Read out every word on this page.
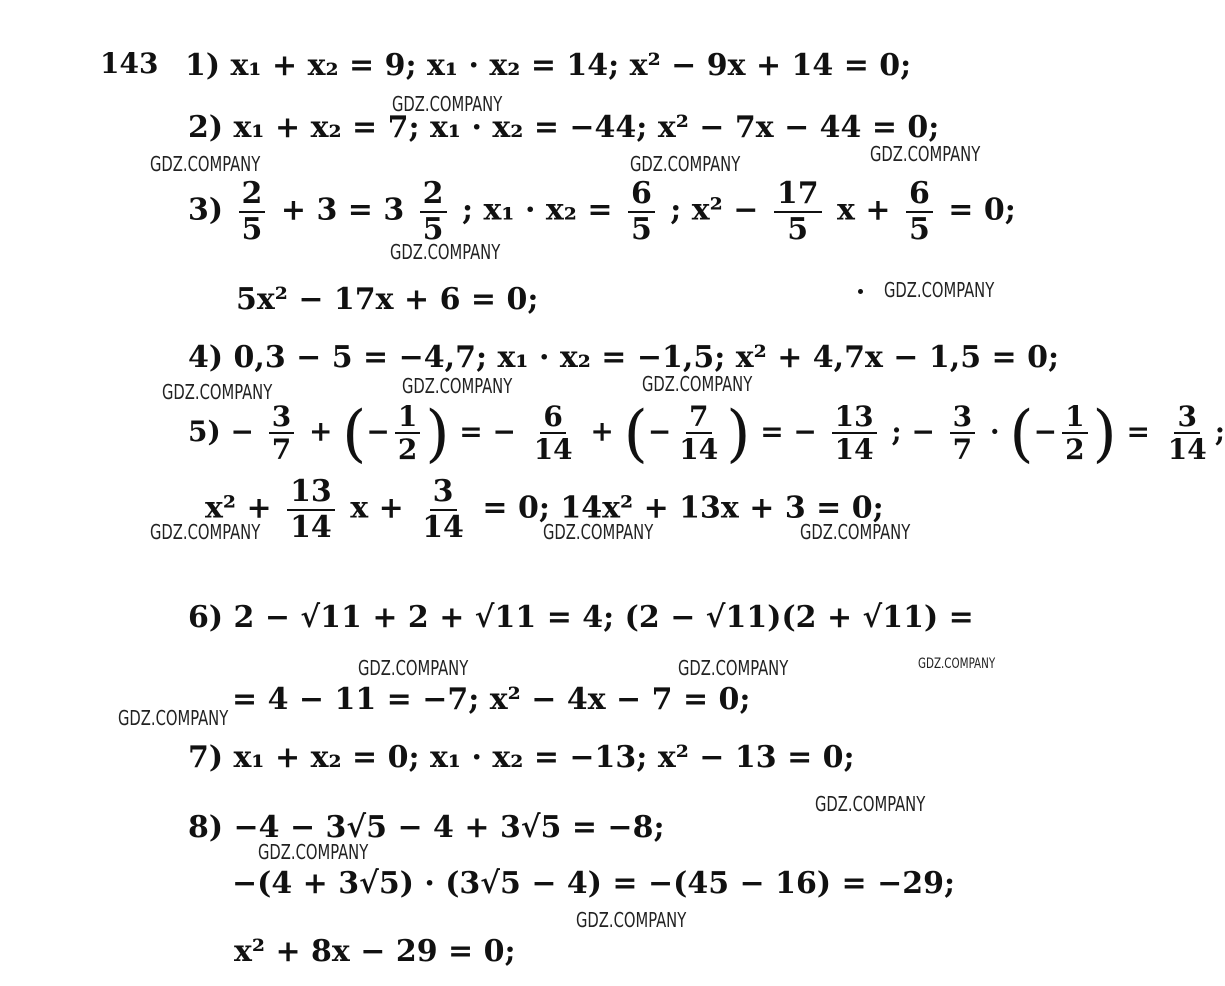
143 1) x₁ + x₂ = 9; x₁ · x₂ = 14; x² − 9x + 14 = 0;
2) x₁ + x₂ = 7; x₁ · x₂ = −44; x² − 7x − 44 = 0;
$3) \frac{2}{5} + 3 = 3 \frac{2}{5}$ ; $x_1 \cdot x_2 = \frac{6}{5}$ ; $x^2 - \frac{17}{5}$ $x + \frac{6}{5} = 0$;
5x² − 17x + 6 = 0;
4) 0,3 − 5 = −4,7; x₁ · x₂ = −1,5; x² + 4,7x − 1,5 = 0;
$5) - \frac{3}{7}$ + (− $\frac{1}{2}$ ) = − $\frac{6}{14}$ + (− $\frac{7}{14}$ ) = − $\frac{13}{14}$ ; − $\frac{3}{7}$ · (− $\frac{1}{2}$ ) = $\frac{3}{14}$ ;
$x^2 + \frac{13}{14}$ $x + \frac{3}{14} = 0$; 14x² + 13x + 3 = 0;
6) 2 − √11 + 2 + √11 = 4; (2 − √11)(2 + √11) =
= 4 − 11 = −7; x² − 4x − 7 = 0;
7) x₁ + x₂ = 0; x₁ · x₂ = −13; x² − 13 = 0;
8) −4 − 3√5 − 4 + 3√5 = −8;
−(4 + 3√5) · (3√5 − 4) = −(45 − 16) = −29;
x² + 8x − 29 = 0;
GDZ.COMPANY
GDZ.COMPANY	GDZ.COMPANY	GDZ.COMPANY
GDZ.COMPANY
GDZ.COMPANY
GDZ.COMPANY	GDZ.COMPANY	GDZ.COMPANY
GDZ.COMPANY	GDZ.COMPANY	GDZ.COMPANY
GDZ.COMPANY	GDZ.COMPANY	GDZ.COMPANY
GDZ.COMPANY
GDZ.COMPANY
GDZ.COMPANY
GDZ.COMPANY
